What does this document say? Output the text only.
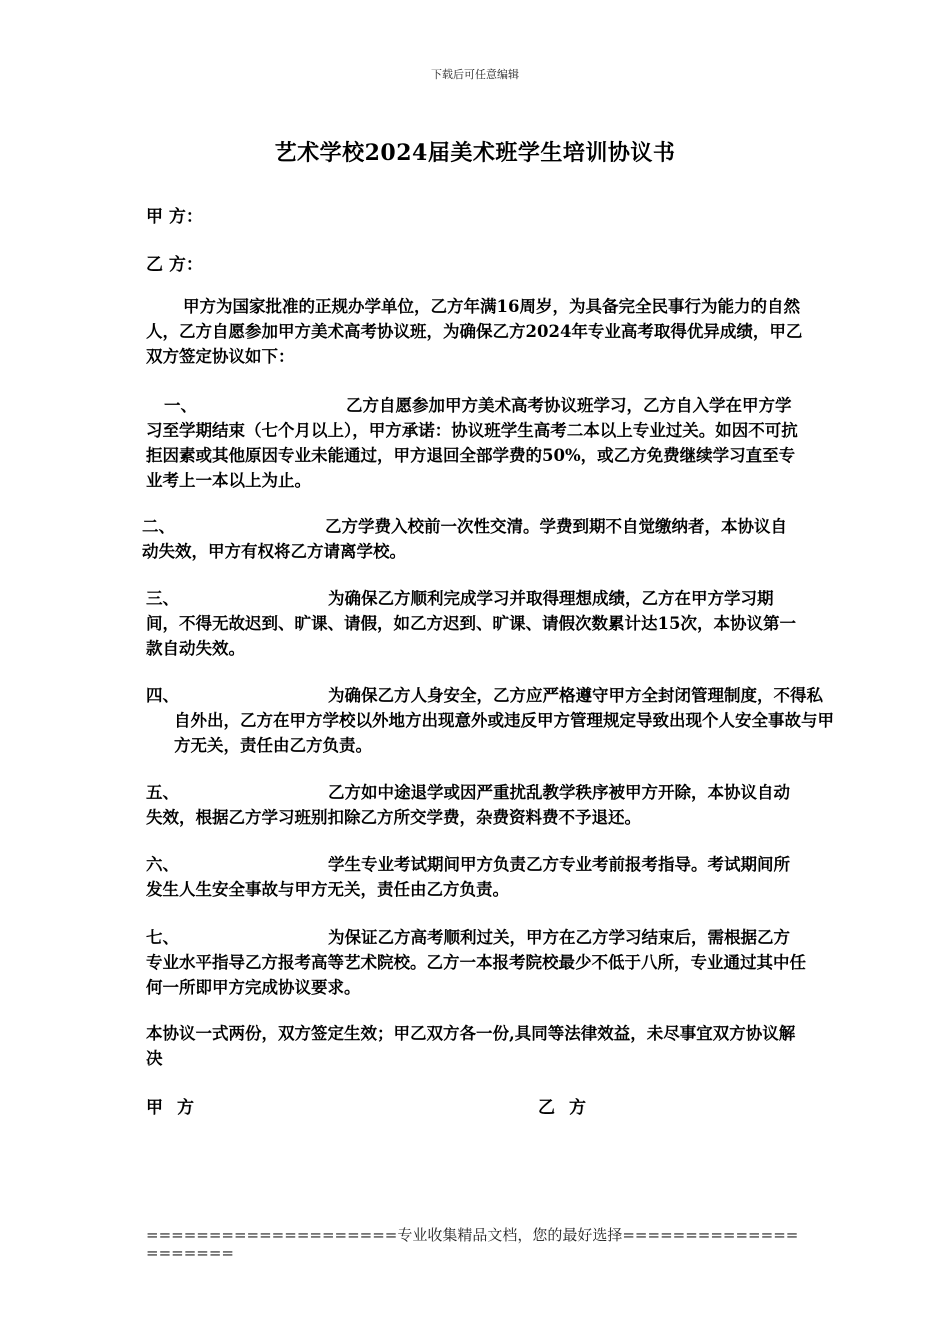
下载后可任意编辑
艺术学校2024届美术班学生培训协议书
甲 方：
乙 方：
甲方为国家批准的正规办学单位，乙方年满16周岁，为具备完全民事行为能力的自然人，乙方自愿参加甲方美术高考协议班，为确保乙方2024年专业高考取得优异成绩，甲乙双方签定协议如下：
一、	乙方自愿参加甲方美术高考协议班学习，乙方自入学在甲方学习至学期结束（七个月以上），甲方承诺：协议班学生高考二本以上专业过关。如因不可抗拒因素或其他原因专业未能通过，甲方退回全部学费的50%，或乙方免费继续学习直至专业考上一本以上为止。
二、	乙方学费入校前一次性交清。学费到期不自觉缴纳者，本协议自动失效，甲方有权将乙方请离学校。
三、	为确保乙方顺利完成学习并取得理想成绩，乙方在甲方学习期间，不得无故迟到、旷课、请假，如乙方迟到、旷课、请假次数累计达15次，本协议第一款自动失效。
四、	为确保乙方人身安全，乙方应严格遵守甲方全封闭管理制度，不得私自外出，乙方在甲方学校以外地方出现意外或违反甲方管理规定导致出现个人安全事故与甲方无关，责任由乙方负责。
五、	乙方如中途退学或因严重扰乱教学秩序被甲方开除，本协议自动失效，根据乙方学习班别扣除乙方所交学费，杂费资料费不予退还。
六、	学生专业考试期间甲方负责乙方专业考前报考指导。考试期间所发生人生安全事故与甲方无关，责任由乙方负责。
七、	为保证乙方高考顺利过关，甲方在乙方学习结束后，需根据乙方专业水平指导乙方报考高等艺术院校。乙方一本报考院校最少不低于八所，专业通过其中任何一所即甲方完成协议要求。
本协议一式两份，双方签定生效；甲乙双方各一份,具同等法律效益，未尽事宜双方协议解决
甲方	乙方
====================专业收集精品文档，您的最好选择=====================
